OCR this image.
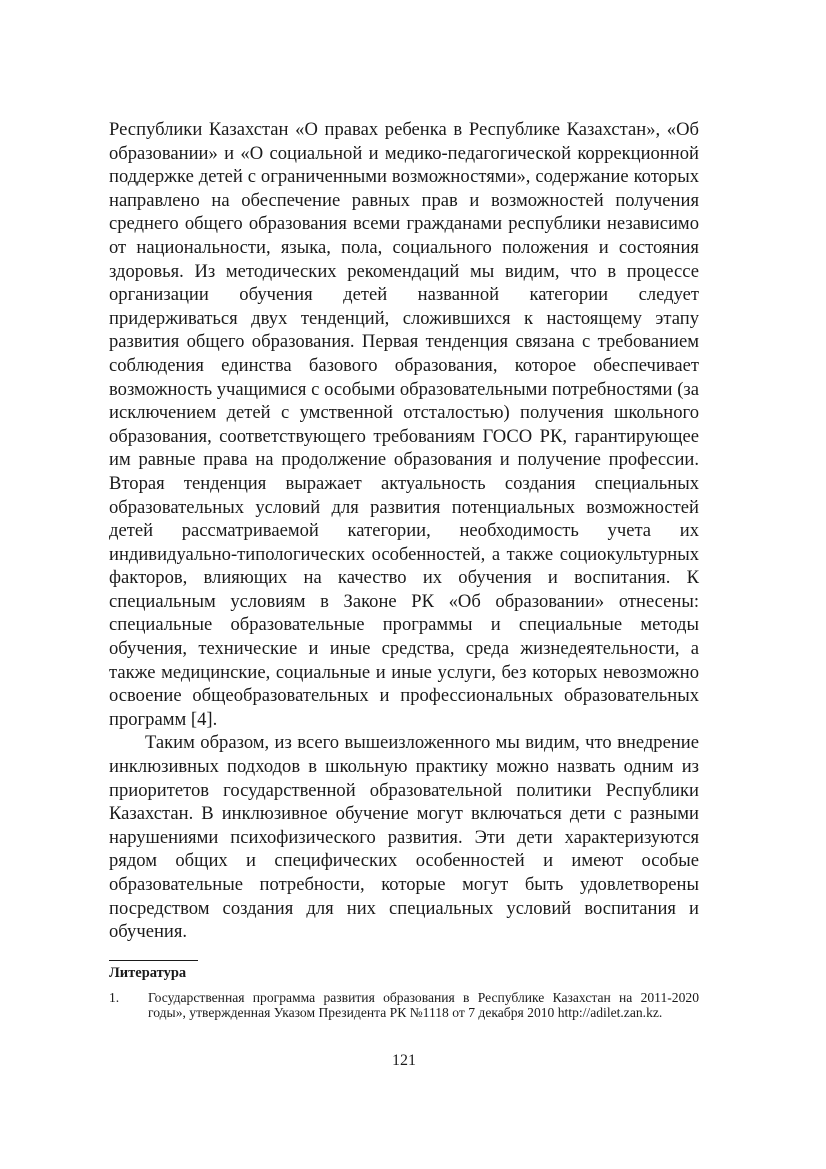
Республики Казахстан «О правах ребенка в Республике Казахстан», «Об образовании» и «О социальной и медико-педагогической коррекционной поддержке детей с ограниченными возможностями», содержание которых направлено на обеспечение равных прав и возможностей получения среднего общего образования всеми гражданами республики независимо от национальности, языка, пола, социального положения и состояния здоровья. Из методических рекомендаций мы видим, что в процессе организации обучения детей названной категории следует придерживаться двух тенденций, сложившихся к настоящему этапу развития общего образования. Первая тенденция связана с требованием соблюдения единства базового образования, которое обеспечивает возможность учащимися с особыми образовательными потребностями (за исключением детей с умственной отсталостью) получения школьного образования, соответствующего требованиям ГОСО РК, гарантирующее им равные права на продолжение образования и получение профессии. Вторая тенденция выражает актуальность создания специальных образовательных условий для развития потенциальных возможностей детей рассматриваемой категории, необходимость учета их индивидуально-типологических особенностей, а также социокультурных факторов, влияющих на качество их обучения и воспитания. К специальным условиям в Законе РК «Об образовании» отнесены: специальные образовательные программы и специальные методы обучения, технические и иные средства, среда жизнедеятельности, а также медицинские, социальные и иные услуги, без которых невозможно освоение общеобразовательных и профессиональных образовательных программ [4].

Таким образом, из всего вышеизложенного мы видим, что внедрение инклюзивных подходов в школьную практику можно назвать одним из приоритетов государственной образовательной политики Республики Казахстан. В инклюзивное обучение могут включаться дети с разными нарушениями психофизического развития. Эти дети характеризуются рядом общих и специфических особенностей и имеют особые образовательные потребности, которые могут быть удовлетворены посредством создания для них специальных условий воспитания и обучения.

Литература
1.	Государственная программа развития образования в Республике Казахстан на 2011-2020 годы», утвержденная Указом Президента РК №1118 от 7 декабря 2010 http://adilet.zan.kz.
121
